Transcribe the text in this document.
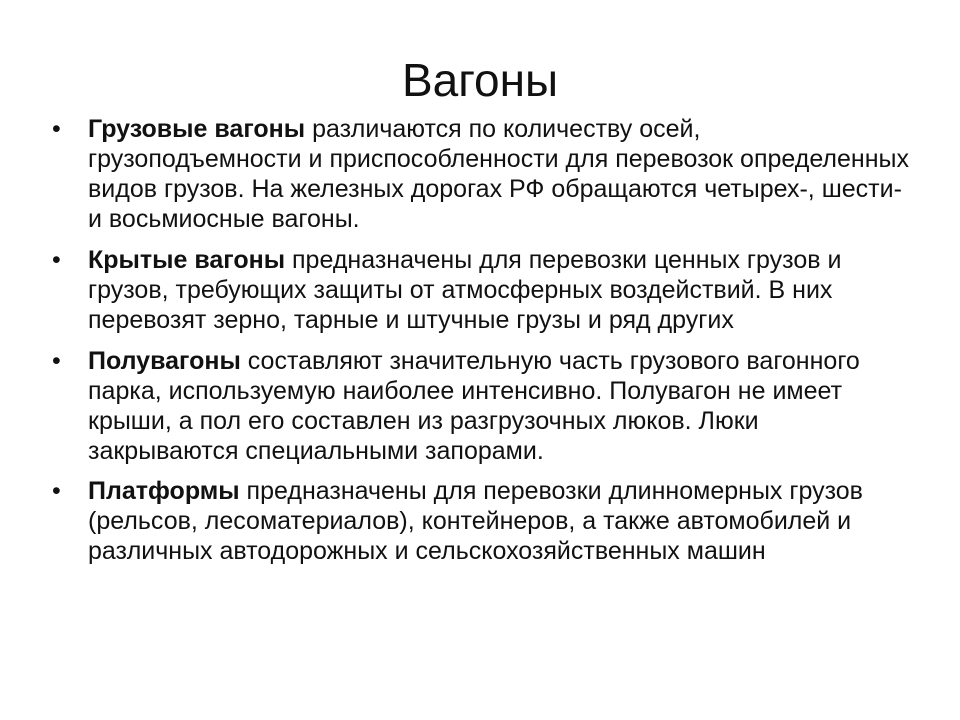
Вагоны
•	Грузовые вагоны различаются по количеству осей, грузоподъемности и приспособленности для перевозок определенных видов грузов. На железных дорогах РФ обращаются четырех-, шести- и восьмиосные вагоны.
•	Крытые вагоны предназначены для перевозки ценных грузов и грузов, требующих защиты от атмосферных воздействий. В них перевозят зерно, тарные и штучные грузы и ряд других
•	Полувагоны составляют значительную часть грузового вагонного парка, используемую наиболее интенсивно. Полувагон не имеет крыши, а пол его составлен из разгрузочных люков. Люки закрываются специальными запорами.
•	Платформы предназначены для перевозки длинномерных грузов (рельсов, лесоматериалов), контейнеров, а также автомобилей и различных автодорожных и сельскохозяйственных машин
